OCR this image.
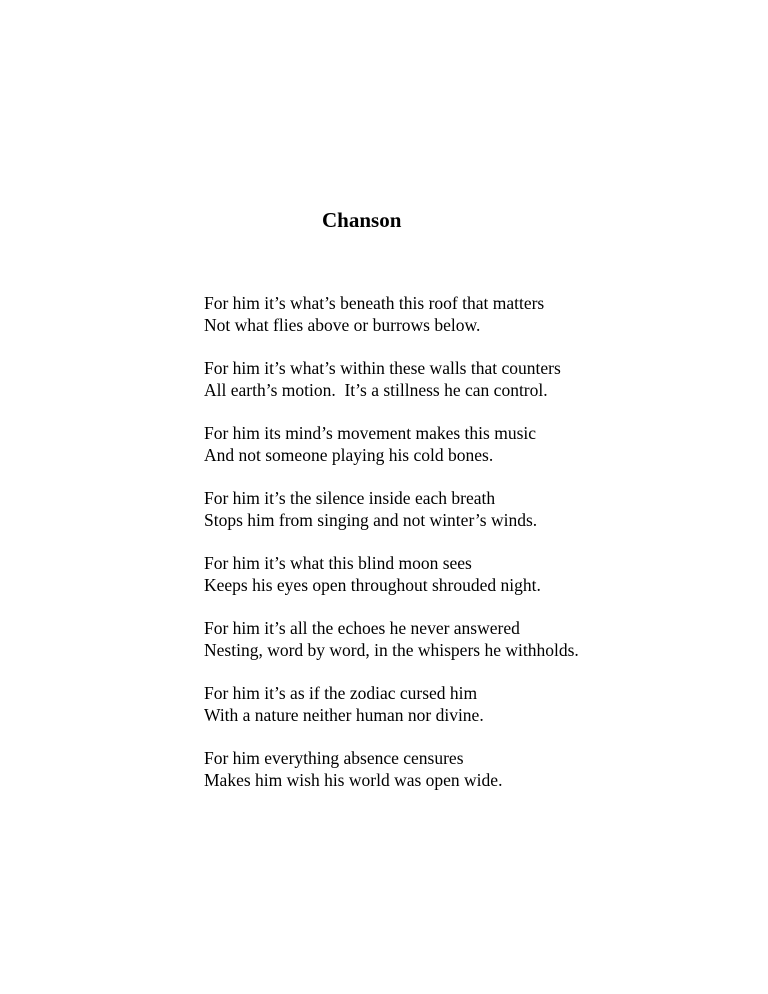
Chanson

For him it’s what’s beneath this roof that matters
Not what flies above or burrows below.

For him it’s what’s within these walls that counters
All earth’s motion.  It’s a stillness he can control.

For him its mind’s movement makes this music
And not someone playing his cold bones.

For him it’s the silence inside each breath
Stops him from singing and not winter’s winds.

For him it’s what this blind moon sees
Keeps his eyes open throughout shrouded night.

For him it’s all the echoes he never answered
Nesting, word by word, in the whispers he withholds.

For him it’s as if the zodiac cursed him
With a nature neither human nor divine.

For him everything absence censures
Makes him wish his world was open wide.
